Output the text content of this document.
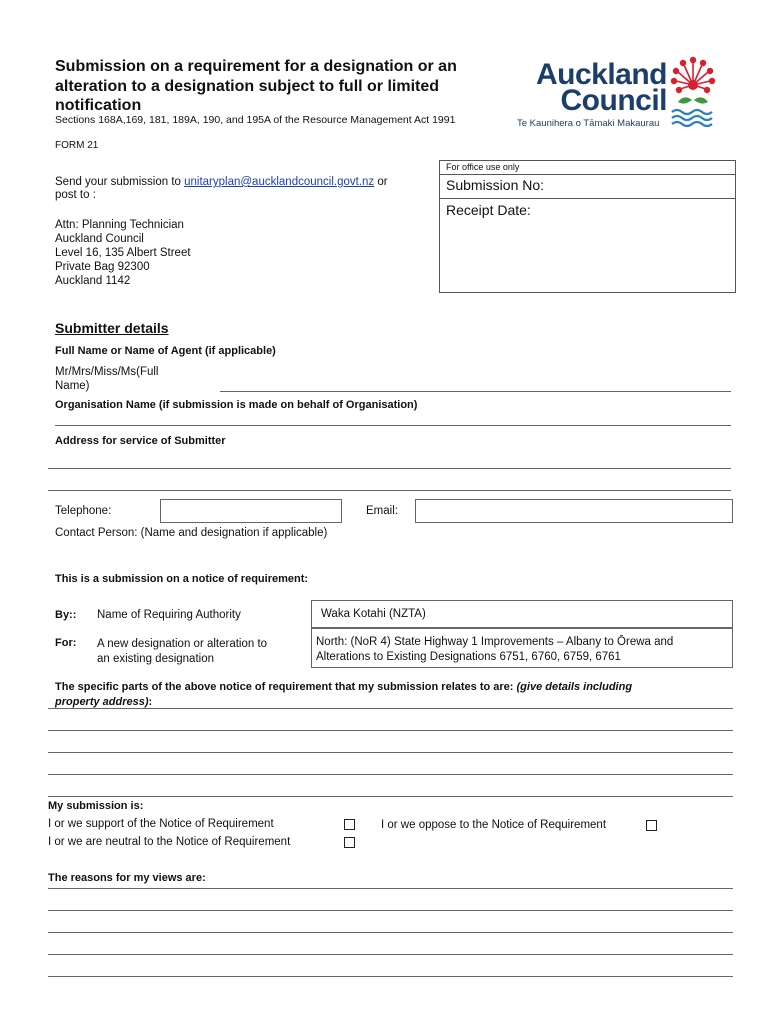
Submission on a requirement for a designation or an alteration to a designation subject to full or limited notification
Sections 168A,169, 181, 189A, 190, and 195A of the Resource Management Act 1991
FORM 21
Auckland
Council
Te Kaunihera o Tāmaki Makaurau
For office use only
Submission No:
Receipt Date:
Send your submission to unitaryplan@aucklandcouncil.govt.nz or
post to :
Attn: Planning Technician
Auckland Council
Level 16, 135 Albert Street
Private Bag 92300
Auckland 1142
Submitter details
Full Name or Name of Agent (if applicable)
Mr/Mrs/Miss/Ms(Full
Name)
Organisation Name (if submission is made on behalf of Organisation)
Address for service of Submitter
Telephone:	Email:
Contact Person: (Name and designation if applicable)
This is a submission on a notice of requirement:
By:: Name of Requiring Authority	Waka Kotahi (NZTA)
For: A new designation or alteration to
an existing designation
North: (NoR 4) State Highway 1 Improvements – Albany to Ōrewa and
Alterations to Existing Designations 6751, 6760, 6759, 6761
The specific parts of the above notice of requirement that my submission relates to are: (give details including
property address):
My submission is:
I or we support of the Notice of Requirement	I or we oppose to the Notice of Requirement
I or we are neutral to the Notice of Requirement
The reasons for my views are:
